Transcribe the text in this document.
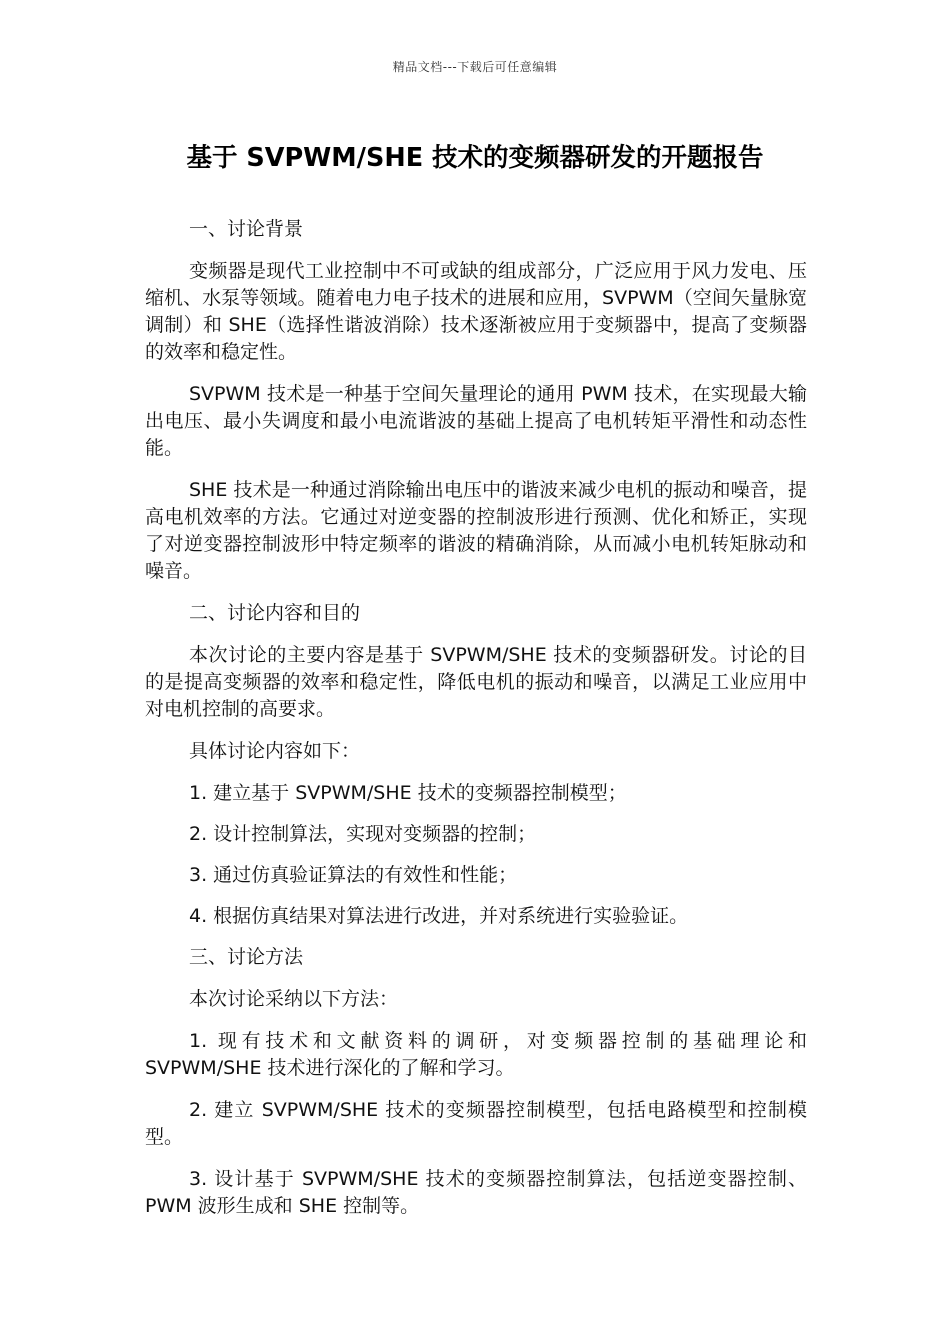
精品文档---下载后可任意编辑
基于 SVPWM/SHE 技术的变频器研发的开题报告

一、讨论背景

变频器是现代工业控制中不可或缺的组成部分，广泛应用于风力发电、压缩机、水泵等领域。随着电力电子技术的进展和应用，SVPWM（空间矢量脉宽调制）和 SHE（选择性谐波消除）技术逐渐被应用于变频器中，提高了变频器的效率和稳定性。

SVPWM 技术是一种基于空间矢量理论的通用 PWM 技术，在实现最大输出电压、最小失调度和最小电流谐波的基础上提高了电机转矩平滑性和动态性能。

SHE 技术是一种通过消除输出电压中的谐波来减少电机的振动和噪音，提高电机效率的方法。它通过对逆变器的控制波形进行预测、优化和矫正，实现了对逆变器控制波形中特定频率的谐波的精确消除，从而减小电机转矩脉动和噪音。

二、讨论内容和目的

本次讨论的主要内容是基于 SVPWM/SHE 技术的变频器研发。讨论的目的是提高变频器的效率和稳定性，降低电机的振动和噪音，以满足工业应用中对电机控制的高要求。

具体讨论内容如下：

1. 建立基于 SVPWM/SHE 技术的变频器控制模型；

2. 设计控制算法，实现对变频器的控制；

3. 通过仿真验证算法的有效性和性能；

4. 根据仿真结果对算法进行改进，并对系统进行实验验证。

三、讨论方法

本次讨论采纳以下方法：

1. 现有技术和文献资料的调研，对变频器控制的基础理论和 SVPWM/SHE 技术进行深化的了解和学习。

2. 建立 SVPWM/SHE 技术的变频器控制模型，包括电路模型和控制模型。

3. 设计基于 SVPWM/SHE 技术的变频器控制算法，包括逆变器控制、PWM 波形生成和 SHE 控制等。
